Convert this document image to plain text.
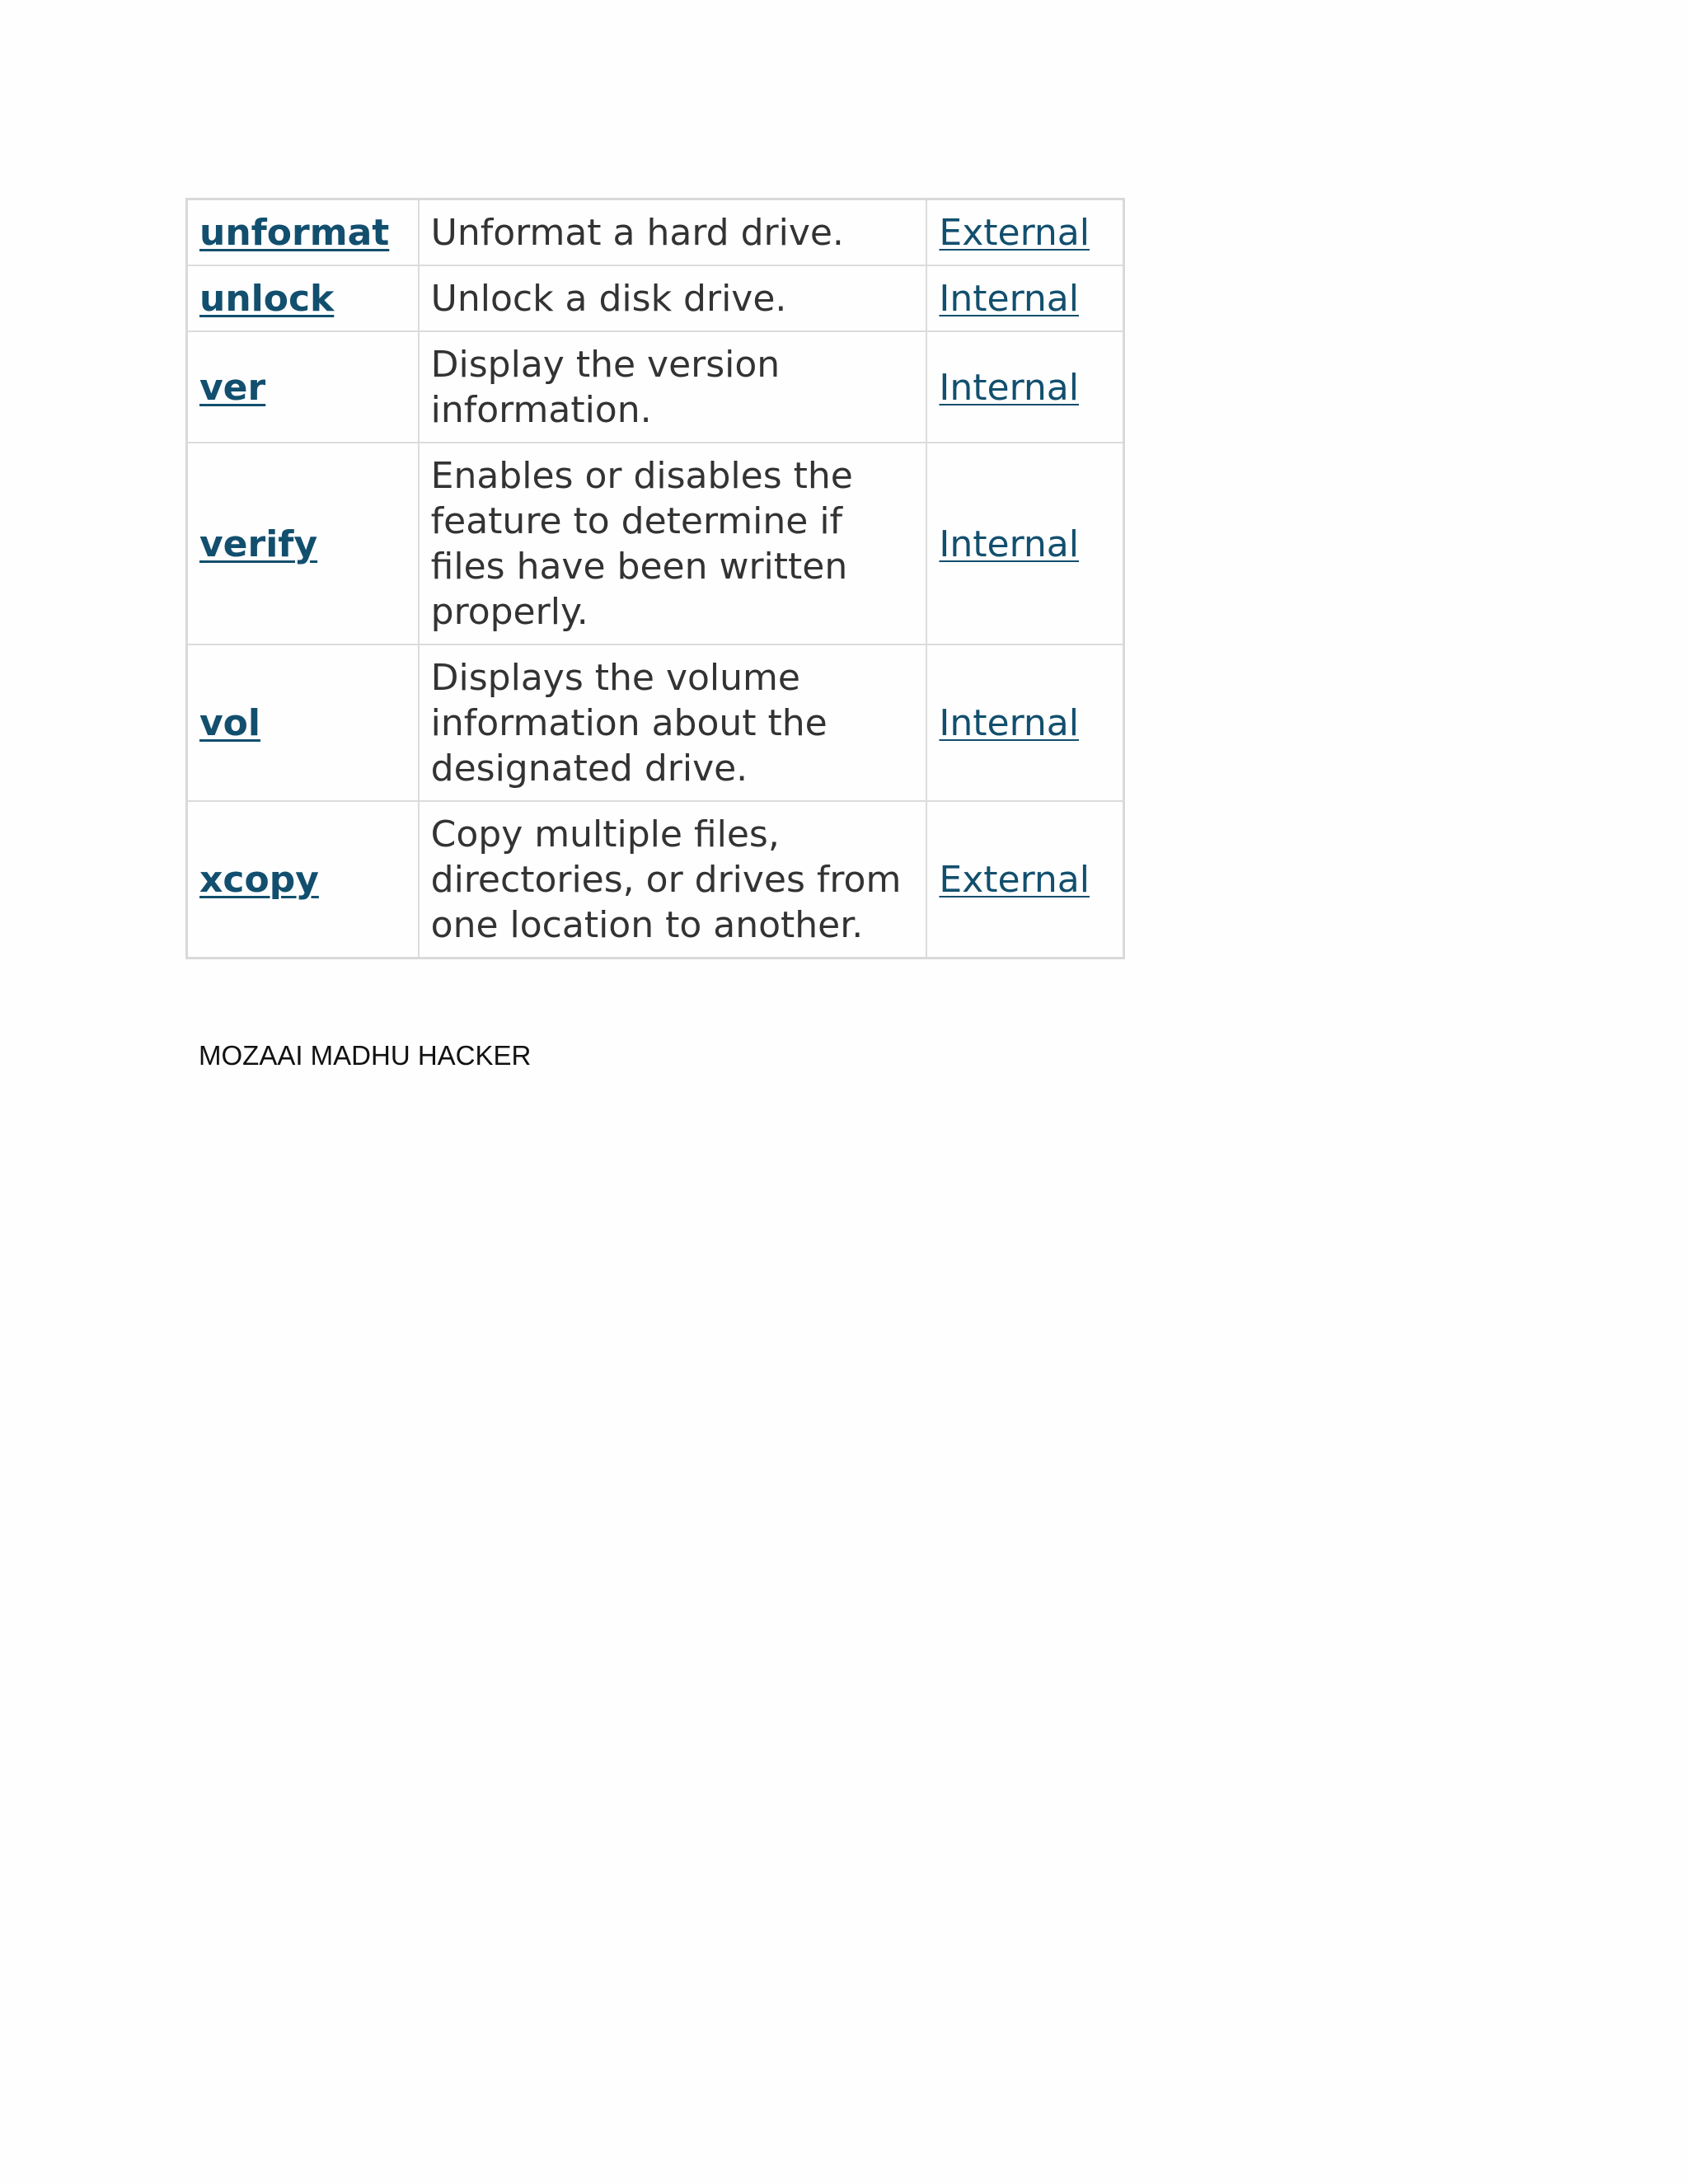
unformat	Unformat a hard drive.	External
unlock	Unlock a disk drive.	Internal
ver	Display the version information.	Internal
verify	Enables or disables the feature to determine if files have been written properly.	Internal
vol	Displays the volume information about the designated drive.	Internal
xcopy	Copy multiple files, directories, or drives from one location to another.	External
MOZAAI MADHU HACKER
